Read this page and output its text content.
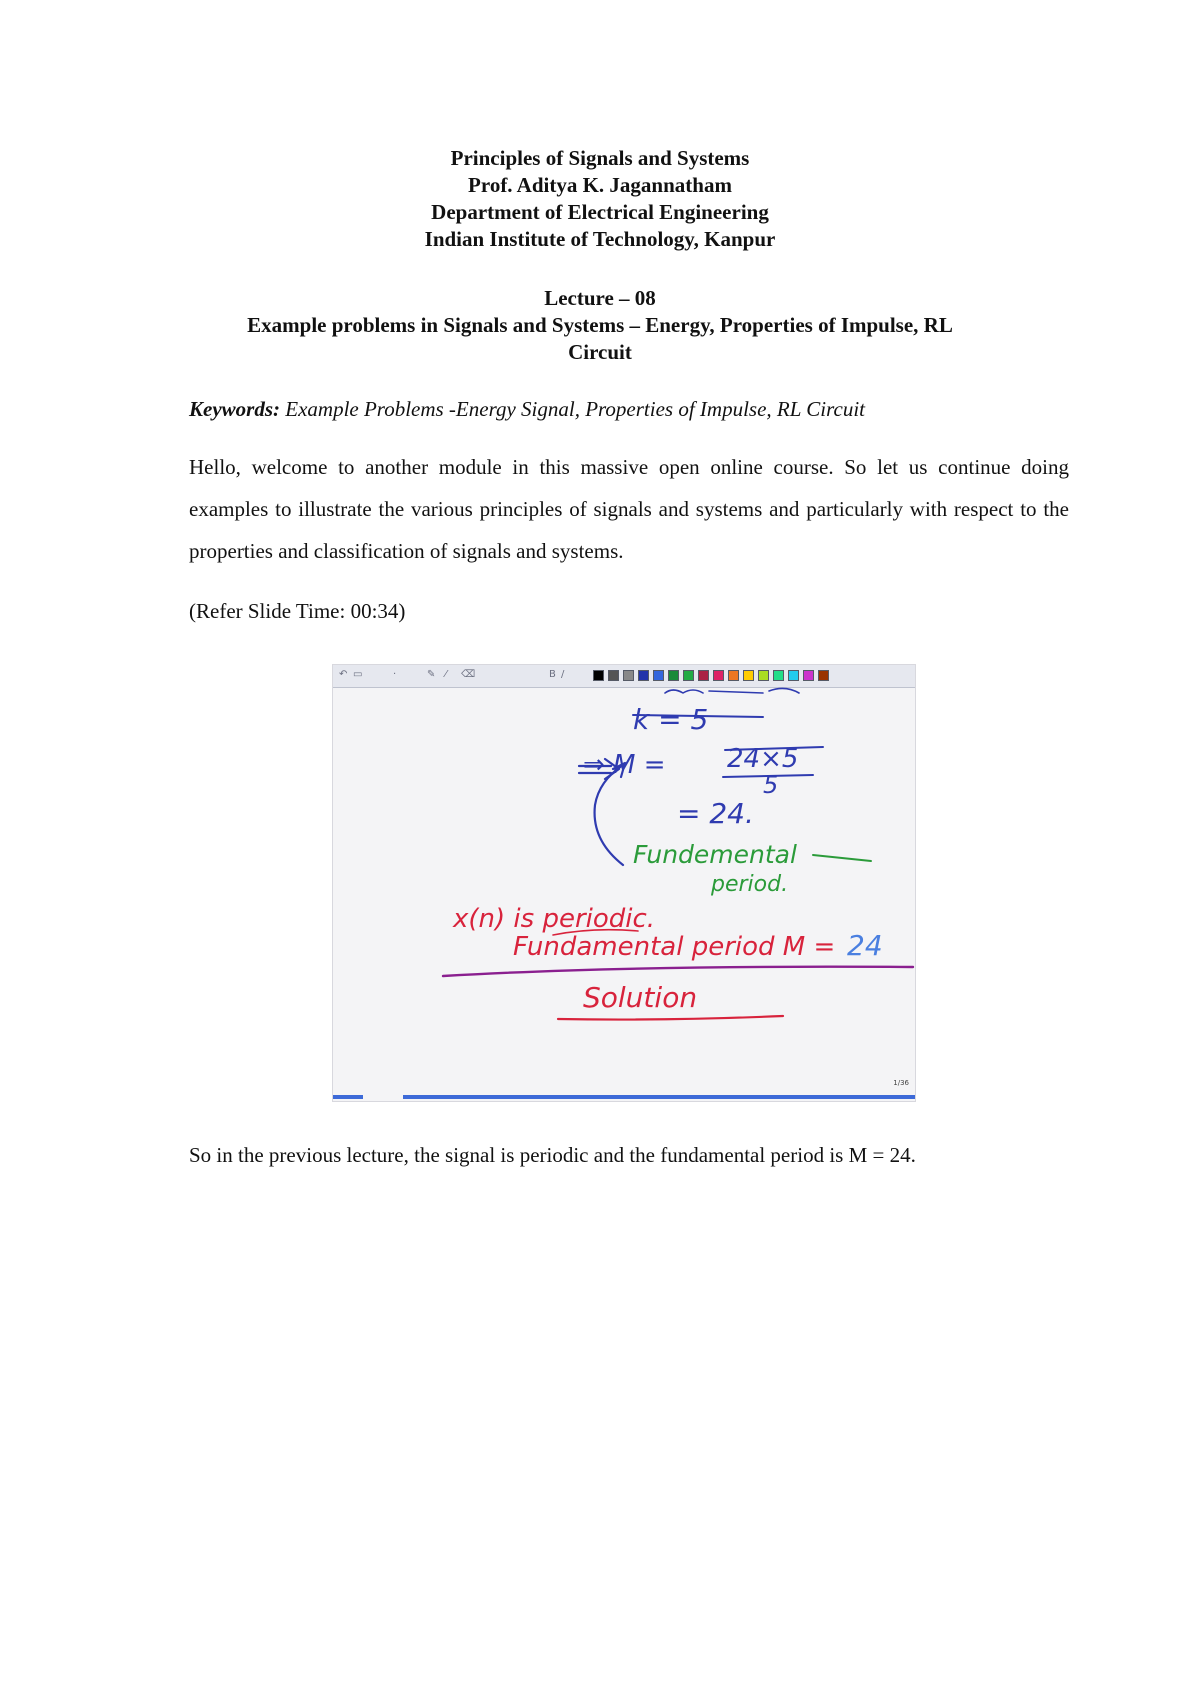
Principles of Signals and Systems
Prof. Aditya K. Jagannatham
Department of Electrical Engineering
Indian Institute of Technology, Kanpur
Lecture – 08
Example problems in Signals and Systems – Energy, Properties of Impulse, RL
Circuit
Keywords: Example Problems -Energy Signal, Properties of Impulse, RL Circuit
Hello, welcome to another module in this massive open online course. So let us continue doing examples to illustrate the various principles of signals and systems and particularly with respect to the properties and classification of signals and systems.
(Refer Slide Time: 00:34)
↶ ▭	·	✎ ⁄ ⌫	B /
k = 5
⇒ M = 24×5
5
= 24.
Fundemental
period.
x(n) is periodic.
Fundamental period M = 24
Solution
1/36
So in the previous lecture, the signal is periodic and the fundamental period is M = 24.
